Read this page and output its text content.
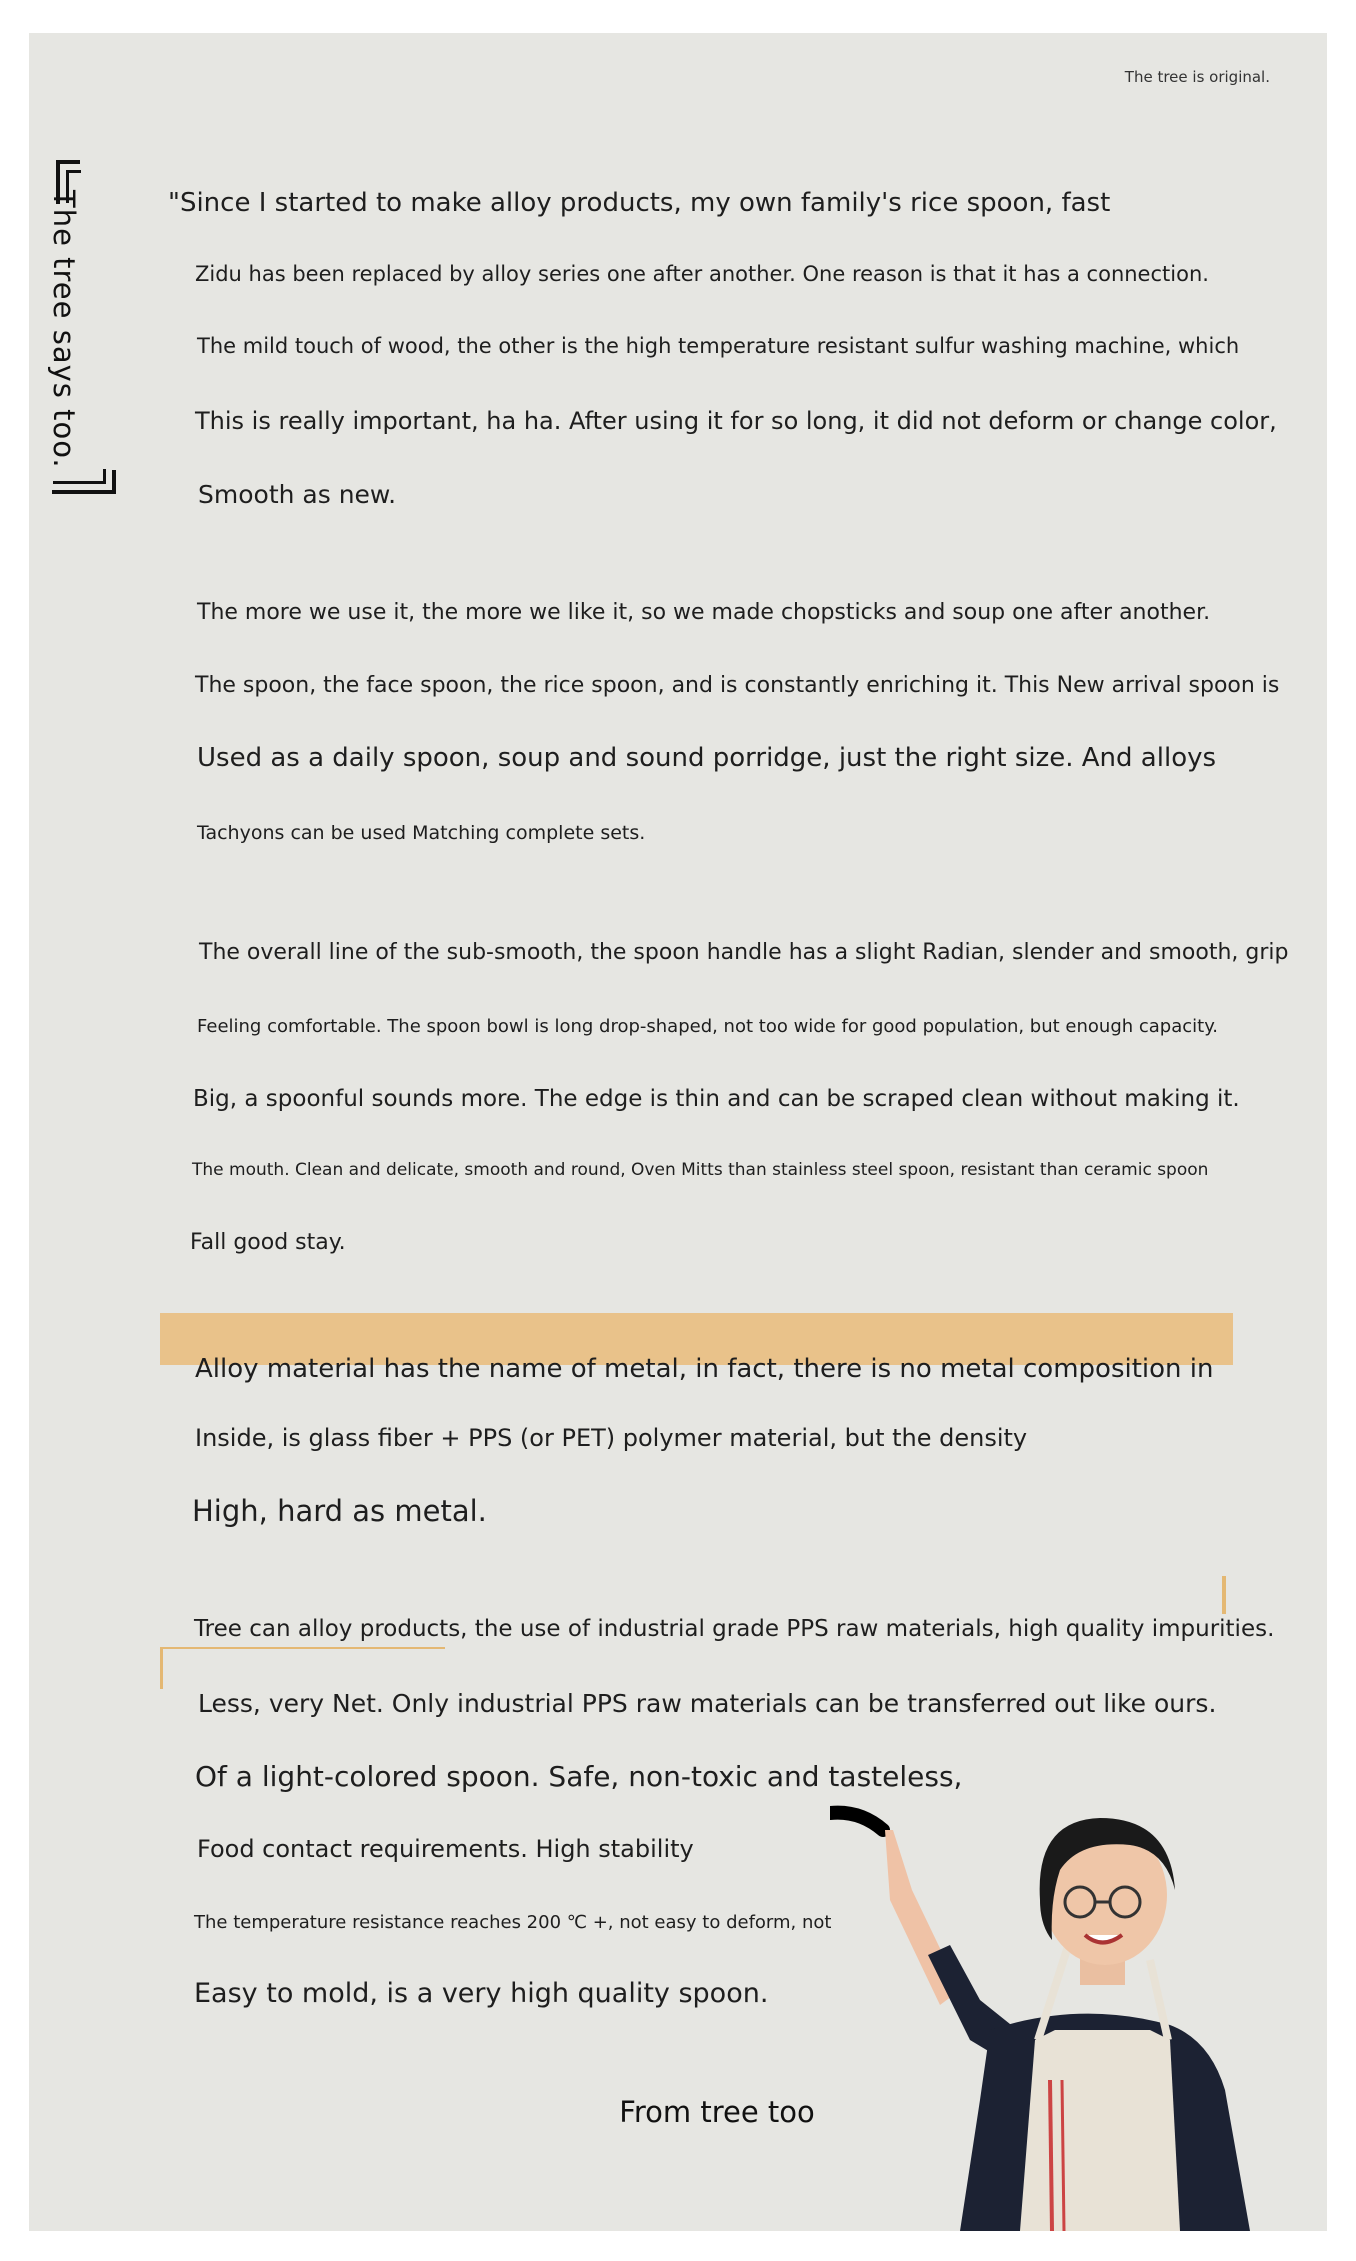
The tree is original.
The tree says too.	"Since I started to make alloy products, my own family's rice spoon, fast
Zidu has been replaced by alloy series one after another. One reason is that it has a connection.
The mild touch of wood, the other is the high temperature resistant sulfur washing machine, which
This is really important, ha ha. After using it for so long, it did not deform or change color,
Smooth as new.
The more we use it, the more we like it, so we made chopsticks and soup one after another.
The spoon, the face spoon, the rice spoon, and is constantly enriching it. This New arrival spoon is
Used as a daily spoon, soup and sound porridge, just the right size. And alloys
Tachyons can be used Matching complete sets.
The overall line of the sub-smooth, the spoon handle has a slight Radian, slender and smooth, grip
Feeling comfortable. The spoon bowl is long drop-shaped, not too wide for good population, but enough capacity.
Big, a spoonful sounds more. The edge is thin and can be scraped clean without making it.
The mouth. Clean and delicate, smooth and round, Oven Mitts than stainless steel spoon, resistant than ceramic spoon
Fall good stay.
Alloy material has the name of metal, in fact, there is no metal composition in
Inside, is glass fiber + PPS (or PET) polymer material, but the density
High, hard as metal.
Tree can alloy products, the use of industrial grade PPS raw materials, high quality impurities.
Less, very Net. Only industrial PPS raw materials can be transferred out like ours.
Of a light-colored spoon. Safe, non-toxic and tasteless,
Food contact requirements. High stability
The temperature resistance reaches 200 ℃ +, not easy to deform, not
Easy to mold, is a very high quality spoon.
From tree too
